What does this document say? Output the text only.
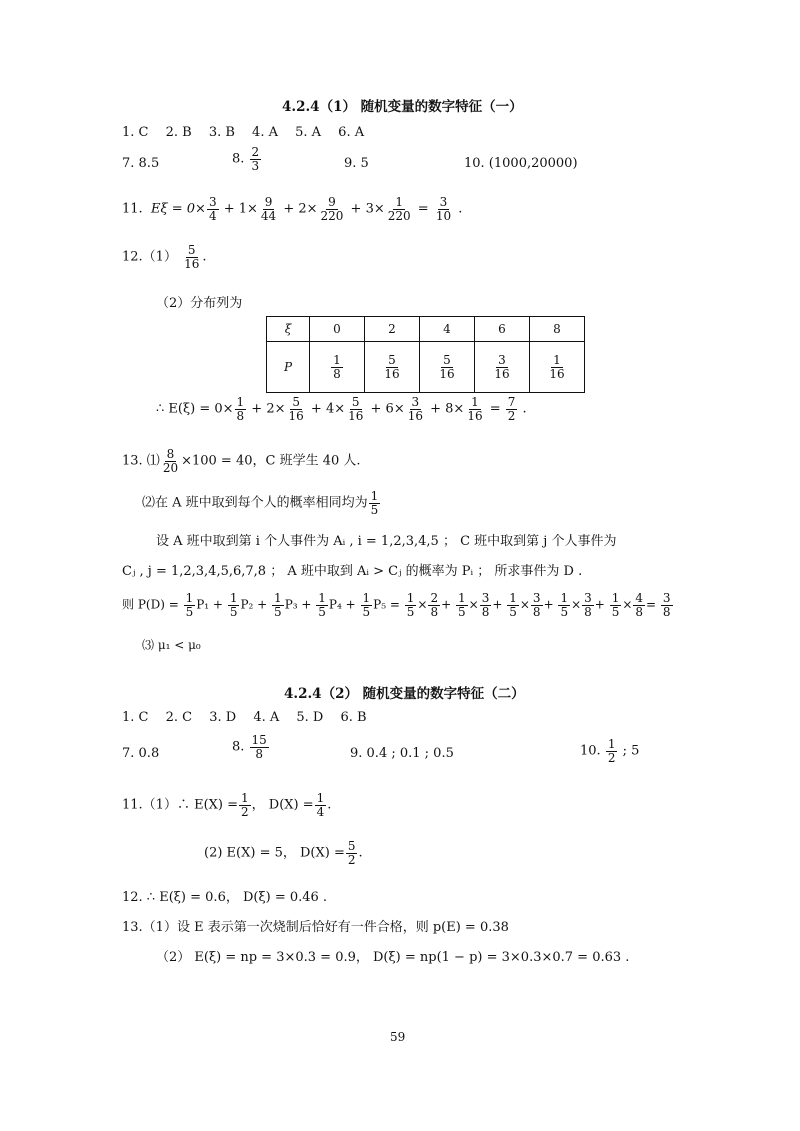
4.2.4（1） 随机变量的数字特征（一）
1. C　 2. B　 3. B　 4. A　 5. A　 6. A
7. 8.5	8. $\frac{2}{3}$	9. 5	10. (1000,20000)
11. $E\xi = 0\times \frac{3}{4} + 1\times \frac{9}{44} + 2\times \frac{9}{220} + 3\times \frac{1}{220} = \frac{3}{10}$ .
$12.(1) \frac{5}{16}$ .
（2）分布列为
ξ	0	2	4	6	8
P	$\frac{1}{8}$	$\frac{5}{16}$	$\frac{5}{16}$	$\frac{3}{16}$	$\frac{1}{16}$
∴ $E(\xi) = 0\times \frac{1}{8} + 2\times \frac{5}{16} + 4\times \frac{5}{16} + 6\times \frac{3}{16} + 8\times \frac{1}{16} = \frac{7}{2}$ .
13. ⑴ $\frac{8}{20} \times 100 = 40$，C 班学生 40 人.
⑵在 A 班中取到每个人的概率相同均为 $\frac{1}{5}$
设 A 班中取到第 i 个人事件为 Aᵢ , i = 1,2,3,4,5 ； C 班中取到第 j 个人事件为
Cⱼ , j = 1,2,3,4,5,6,7,8 ； A 班中取到 Aᵢ > Cⱼ 的概率为 Pᵢ ； 所求事件为 D .
则 $P(D) = \frac{1}{5} P_1 + \frac{1}{5} P_2 + \frac{1}{5} P_3 + \frac{1}{5} P_4 + \frac{1}{5} P_5 = \frac{1}{5} \times \frac{2}{8} + \frac{1}{5} \times \frac{3}{8} + \frac{1}{5} \times \frac{3}{8} + \frac{1}{5} \times \frac{3}{8} + \frac{1}{5} \times \frac{4}{8} = \frac{3}{8}$
⑶ μ₁ < μ₀
4.2.4（2） 随机变量的数字特征（二）
1. C　 2. C　 3. D　 4. A　 5. D　 6. B
7. 0.8	8. $\frac{15}{8}$	9. 0.4 ; 0.1 ; 0.5	10. $\frac{1}{2}$ ; 5
11.（1）∴ $E(X) = \frac{1}{2}$ ， $D(X) = \frac{1}{4}$ .
(2) E(X) = 5， $D(X) = \frac{5}{2}$ .
12. ∴ E(ξ) = 0.6， D(ξ) = 0.46 .
13.（1）设 E 表示第一次烧制后恰好有一件合格，则 p(E) = 0.38
（2） E(ξ) = np = 3×0.3 = 0.9， D(ξ) = np(1 − p) = 3×0.3×0.7 = 0.63 .
59
